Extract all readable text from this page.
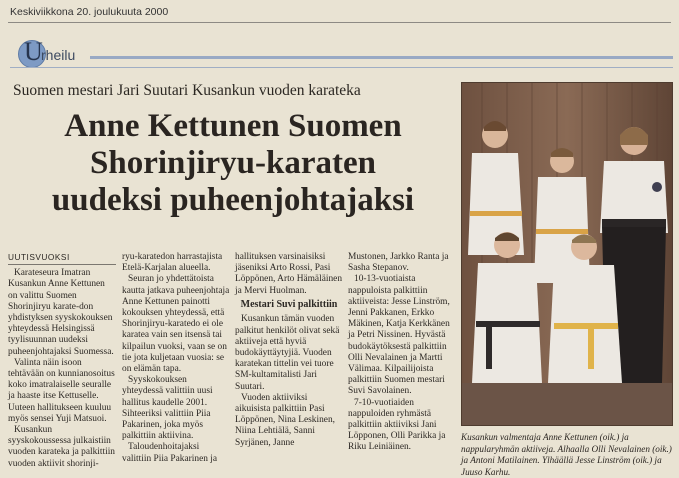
Keskiviikkona 20. joulukuuta 2000
U
rheilu
Suomen mestari Jari Suutari Kusankun vuoden karateka
Anne Kettunen Suomen
Shorinjiryu-karaten
uudeksi puheenjohtajaksi
UUTISVUOKSI

Karateseura Imatran Kusankun Anne Kettunen on valittu Suomen Shorinjiryu karate-don yhdistyksen syyskokouksen yhteydessä Helsingissä tyylisuunnan uudeksi puheenjohtajaksi Suomessa.

Valinta näin isoon tehtävään on kunnianosoitus koko imatralaiselle seuralle ja haaste itse Kettuselle. Uuteen hallitukseen kuuluu myös sensei Yuji Matsuoi.

Kusankun syyskokoussessa julkaistiin vuoden karateka ja palkittiin vuoden aktiivit shorinji-

ryu-karatedon harrastajista Etelä-Karjalan alueella.

Seuran jo yhdettätoista kautta jatkava puheenjohtaja Anne Kettunen painotti kokouksen yhteydessä, että Shorinjiryu-karatedo ei ole karatea vain sen itsensä tai kilpailun vuoksi, vaan se on tie jota kuljetaan vuosia: se on elämän tapa.

Syyskokouksen yhteydessä valittiin uusi hallitus kaudelle 2001. Sihteeriksi valittiin Piia Pakarinen, joka myös palkittiin aktiivina.

Taloudenhoitajaksi valittiin Piia Pakarinen ja

hallituksen varsinaisiksi jäseniksi Arto Rossi, Pasi Löppönen, Arto Hämäläinen ja Mervi Huolman.

Mestari Suvi palkittiin

Kusankun tämän vuoden palkitut henkilöt olivat sekä aktiiveja että hyviä budokäyttäytyjiä. Vuoden karatekan tittelin vei tuore SM-kultamitalisti Jari Suutari.

Vuoden aktiiviksi aikuisista palkittiin Pasi Löppönen, Nina Leskinen, Niina Lehtiälä, Sanni Syrjänen, Janne

Mustonen, Jarkko Ranta ja Sasha Stepanov.

10-13-vuotiaista nappuloista palkittiin aktiiveista: Jesse Linström, Jenni Pakkanen, Erkko Mäkinen, Katja Kerkkänen ja Petri Nissinen. Hyvästä budokäytöksestä palkittiin Olli Nevalainen ja Martti Välimaa. Kilpailijoista palkittiin Suomen mestari Suvi Savolainen.

7-10-vuotiaiden nappuloiden ryhmästä palkittiin aktiiviksi Jani Löpponen, Olli Parikka ja Riku Leiniäinen.

Kusankun valmentaja Anne Kettunen (oik.) ja nappularyhmän aktiiveja. Alhaalla Olli Nevalainen (oik.) ja Antoni Matilainen. Ylhäällä Jesse Linström (oik.) ja Juuso Karhu.
